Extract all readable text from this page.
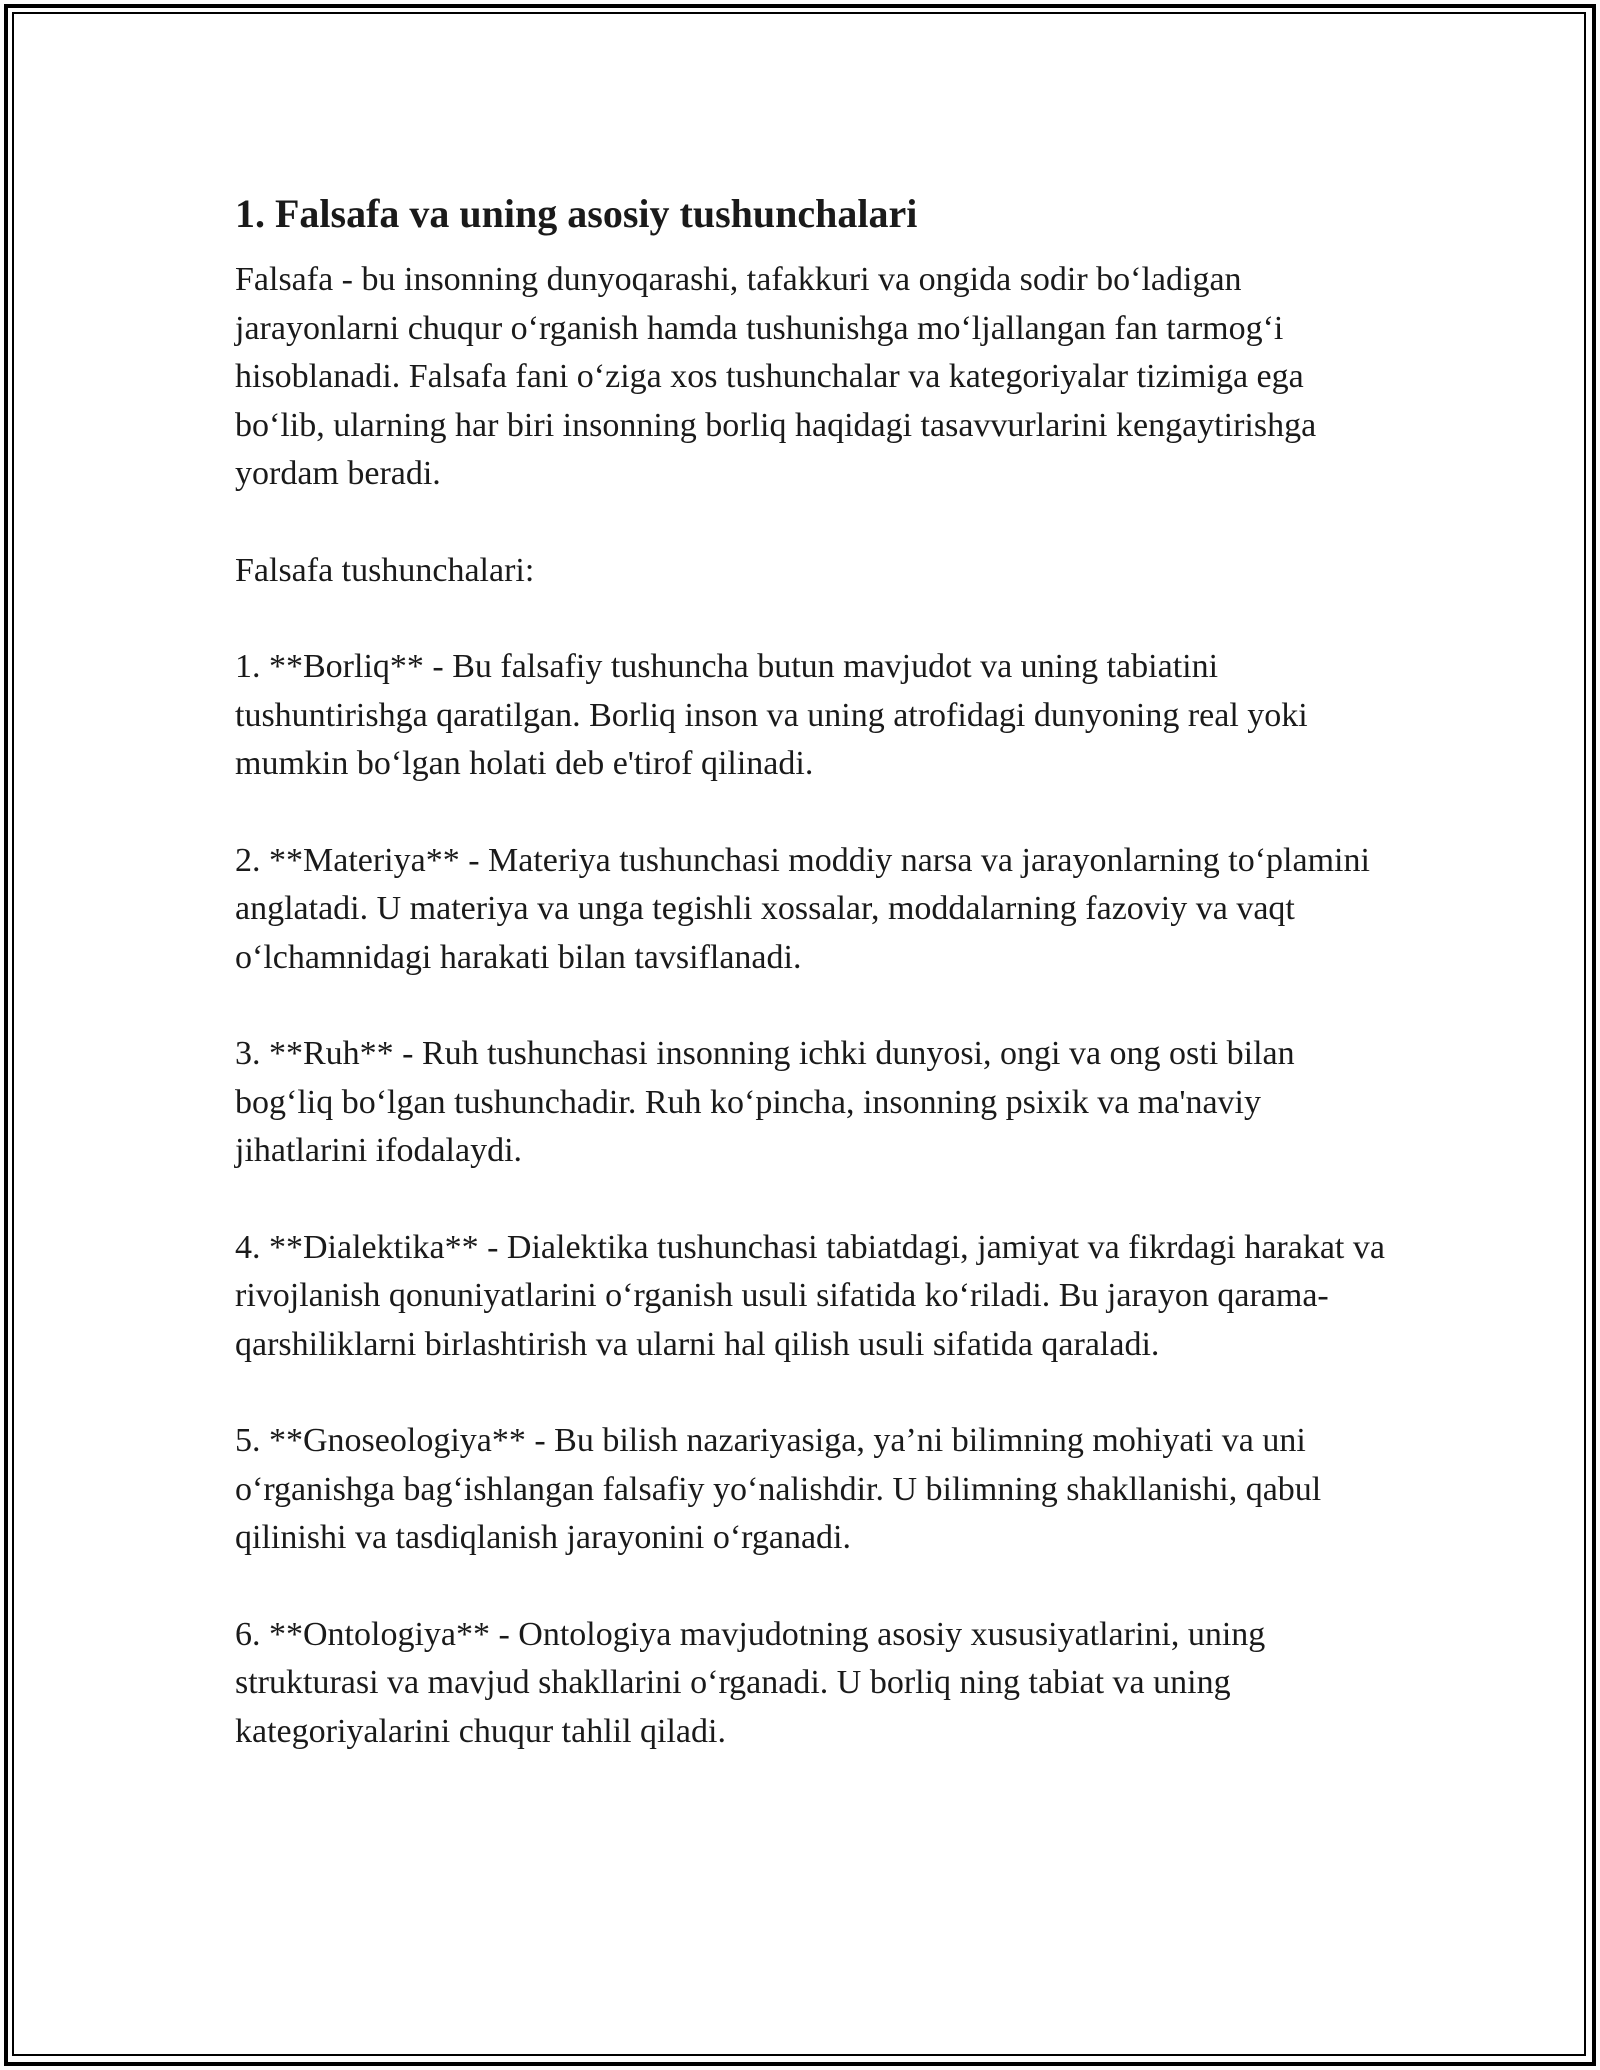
1. Falsafa va uning asosiy tushunchalari

Falsafa - bu insonning dunyoqarashi, tafakkuri va ongida sodir bo‘ladigan jarayonlarni chuqur o‘rganish hamda tushunishga mo‘ljallangan fan tarmog‘i hisoblanadi. Falsafa fani o‘ziga xos tushunchalar va kategoriyalar tizimiga ega bo‘lib, ularning har biri insonning borliq haqidagi tasavvurlarini kengaytirishga yordam beradi.

Falsafa tushunchalari:

1. **Borliq** - Bu falsafiy tushuncha butun mavjudot va uning tabiatini tushuntirishga qaratilgan. Borliq inson va uning atrofidagi dunyoning real yoki mumkin bo‘lgan holati deb e'tirof qilinadi.

2. **Materiya** - Materiya tushunchasi moddiy narsa va jarayonlarning to‘plamini anglatadi. U materiya va unga tegishli xossalar, moddalarning fazoviy va vaqt o‘lchamnidagi harakati bilan tavsiflanadi.

3. **Ruh** - Ruh tushunchasi insonning ichki dunyosi, ongi va ong osti bilan bog‘liq bo‘lgan tushunchadir. Ruh ko‘pincha, insonning psixik va ma'naviy jihatlarini ifodalaydi.

4. **Dialektika** - Dialektika tushunchasi tabiatdagi, jamiyat va fikrdagi harakat va rivojlanish qonuniyatlarini o‘rganish usuli sifatida ko‘riladi. Bu jarayon qarama-qarshiliklarni birlashtirish va ularni hal qilish usuli sifatida qaraladi.

5. **Gnoseologiya** - Bu bilish nazariyasiga, ya’ni bilimning mohiyati va uni o‘rganishga bag‘ishlangan falsafiy yo‘nalishdir. U bilimning shakllanishi, qabul qilinishi va tasdiqlanish jarayonini o‘rganadi.

6. **Ontologiya** - Ontologiya mavjudotning asosiy xususiyatlarini, uning strukturasi va mavjud shakllarini o‘rganadi. U borliq ning tabiat va uning kategoriyalarini chuqur tahlil qiladi.
